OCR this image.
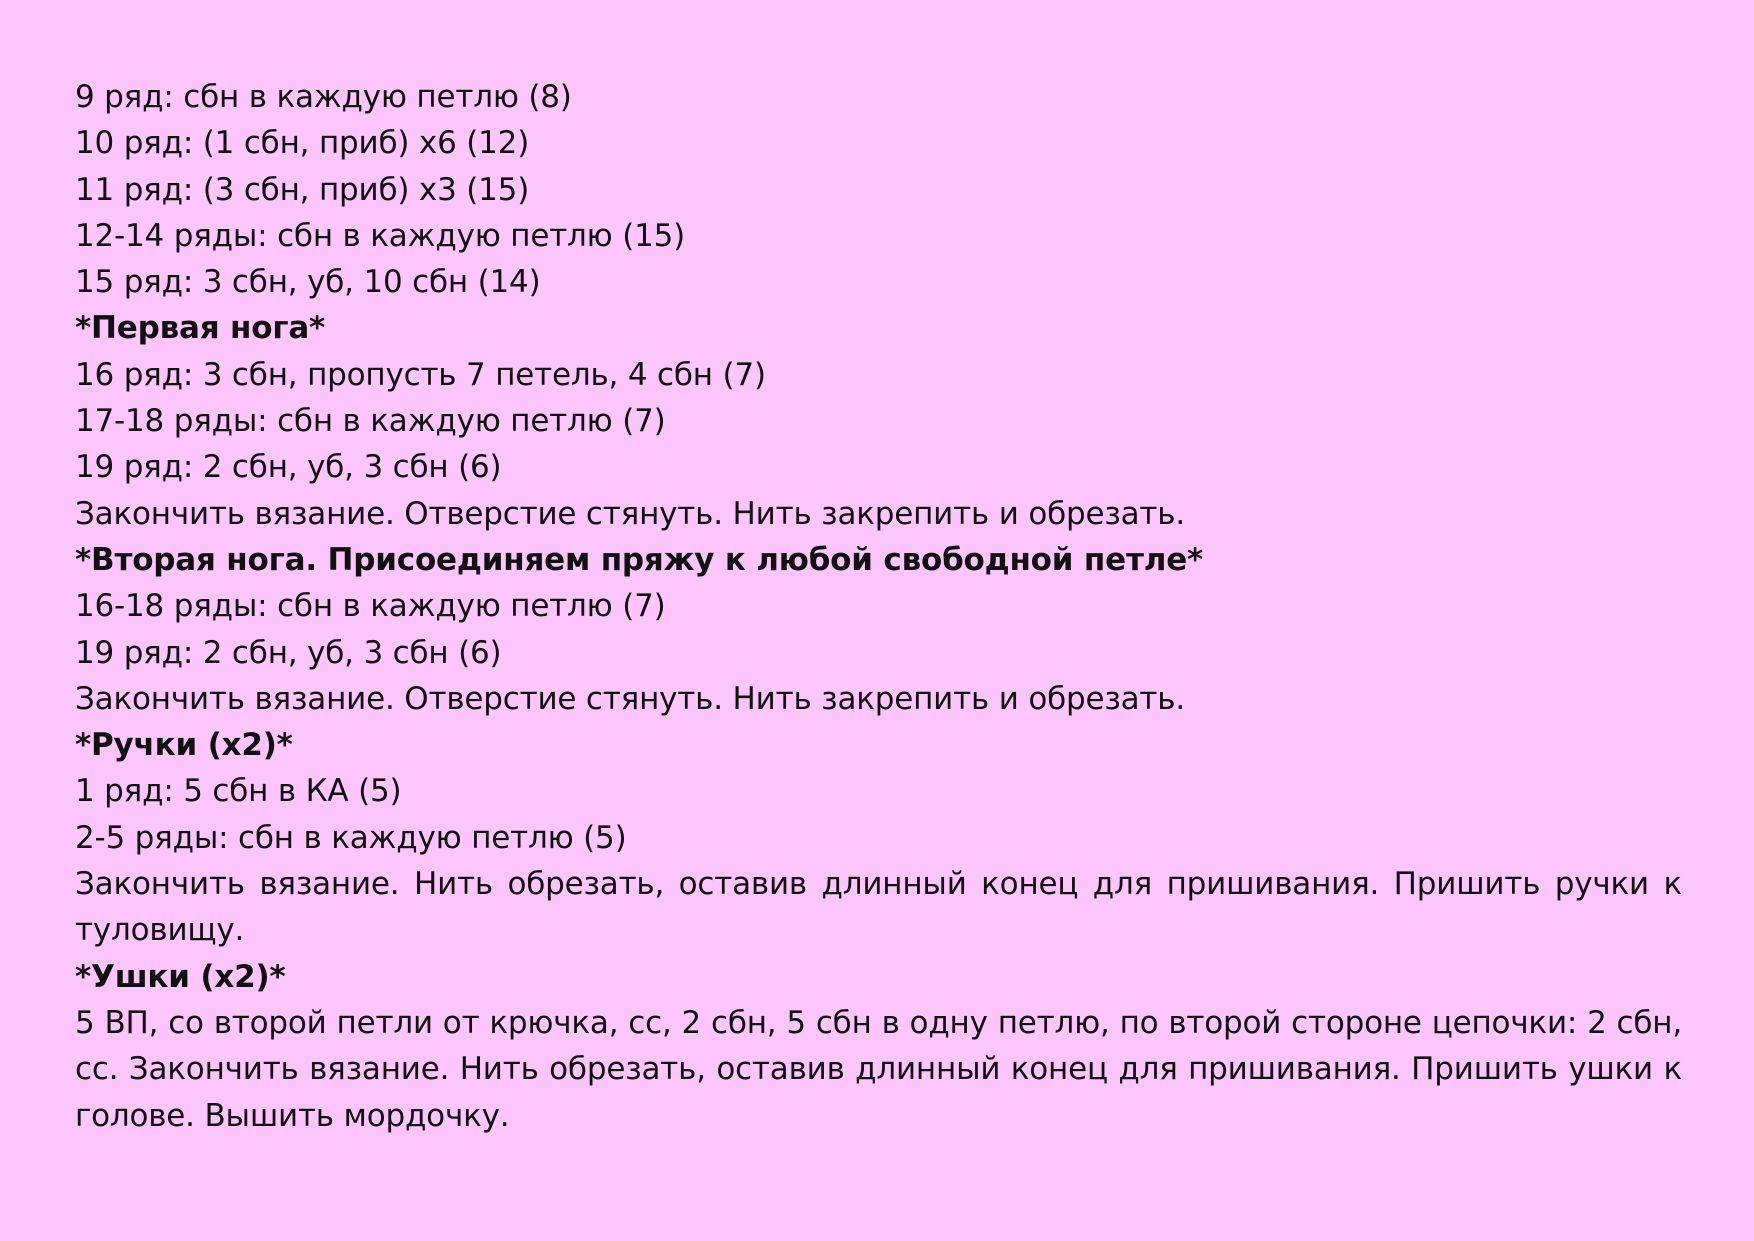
9 ряд: сбн в каждую петлю (8)
10 ряд: (1 сбн, приб) х6 (12)
11 ряд: (3 сбн, приб) х3 (15)
12-14 ряды: сбн в каждую петлю (15)
15 ряд: 3 сбн, уб, 10 сбн (14)
*Первая нога*
16 ряд: 3 сбн, пропусть 7 петель, 4 сбн (7)
17-18 ряды: сбн в каждую петлю (7)
19 ряд: 2 сбн, уб, 3 сбн (6)
Закончить вязание. Отверстие стянуть. Нить закрепить и обрезать.
*Вторая нога. Присоединяем пряжу к любой свободной петле*
16-18 ряды: сбн в каждую петлю (7)
19 ряд: 2 сбн, уб, 3 сбн (6)
Закончить вязание. Отверстие стянуть. Нить закрепить и обрезать.
*Ручки (х2)*
1 ряд: 5 сбн в КА (5)
2-5 ряды: сбн в каждую петлю (5)
Закончить вязание. Нить обрезать, оставив длинный конец для пришивания. Пришить ручки к туловищу.
*Ушки (х2)*
5 ВП, со второй петли от крючка, сс, 2 сбн, 5 сбн в одну петлю, по второй стороне цепочки: 2 сбн, сс. Закончить вязание. Нить обрезать, оставив длинный конец для пришивания. Пришить ушки к голове. Вышить мордочку.
